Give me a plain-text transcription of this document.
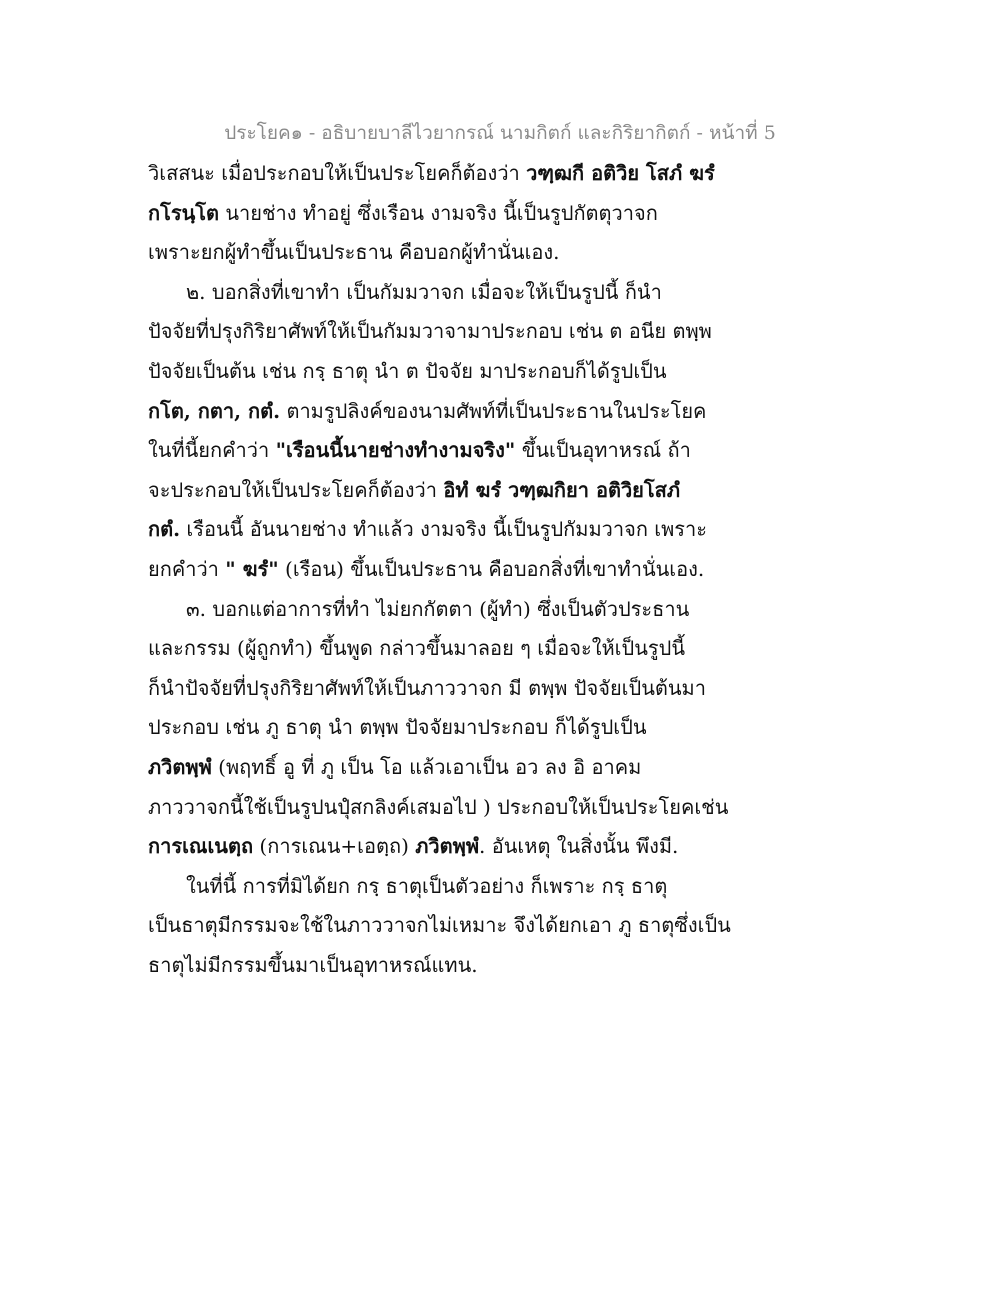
ประโยค๑ - อธิบายบาลีไวยากรณ์ นามกิตก์ และกิริยากิตก์ - หน้าที่ 5
วิเสสนะ เมื่อประกอบให้เป็นประโยคก็ต้องว่า วฑฺฒกี อติวิย โสภํ ฆรํ
กโรนฺโต นายช่าง ทำอยู่ ซึ่งเรือน งามจริง นี้เป็นรูปกัตตุวาจก
เพราะยกผู้ทำขึ้นเป็นประธาน คือบอกผู้ทำนั่นเอง.
๒. บอกสิ่งที่เขาทำ เป็นกัมมวาจก เมื่อจะให้เป็นรูปนี้ ก็นำ
ปัจจัยที่ปรุงกิริยาศัพท์ให้เป็นกัมมวาจามาประกอบ เช่น ต อนีย ตพฺพ
ปัจจัยเป็นต้น เช่น กรฺ ธาตุ นำ ต ปัจจัย มาประกอบก็ได้รูปเป็น
กโต, กตา, กตํ. ตามรูปลิงค์ของนามศัพท์ที่เป็นประธานในประโยค
ในที่นี้ยกคำว่า "เรือนนี้นายช่างทำงามจริง" ขึ้นเป็นอุทาหรณ์ ถ้า
จะประกอบให้เป็นประโยคก็ต้องว่า อิทํ ฆรํ วฑฺฒกิยา อติวิยโสภํ
กตํ. เรือนนี้ อันนายช่าง ทำแล้ว งามจริง นี้เป็นรูปกัมมวาจก เพราะ
ยกคำว่า " ฆรํ" (เรือน) ขึ้นเป็นประธาน คือบอกสิ่งที่เขาทำนั่นเอง.
๓. บอกแต่อาการที่ทำ ไม่ยกกัตตา (ผู้ทำ) ซึ่งเป็นตัวประธาน
และกรรม (ผู้ถูกทำ) ขึ้นพูด กล่าวขึ้นมาลอย ๆ เมื่อจะให้เป็นรูปนี้
ก็นำปัจจัยที่ปรุงกิริยาศัพท์ให้เป็นภาววาจก มี ตพฺพ ปัจจัยเป็นต้นมา
ประกอบ เช่น ภู ธาตุ นำ ตพฺพ ปัจจัยมาประกอบ ก็ได้รูปเป็น
ภวิตพฺพํ (พฤทธิ์ อู ที่ ภู เป็น โอ แล้วเอาเป็น อว ลง อิ อาคม
ภาววาจกนี้ใช้เป็นรูปนปุํสกลิงค์เสมอไป ) ประกอบให้เป็นประโยคเช่น
การเณเนตฺถ (การเณน+เอตฺถ) ภวิตพฺพํ. อันเหตุ ในสิ่งนั้น พึงมี.
ในที่นี้ การที่มิได้ยก กรฺ ธาตุเป็นตัวอย่าง ก็เพราะ กรฺ ธาตุ
เป็นธาตุมีกรรมจะใช้ในภาววาจกไม่เหมาะ จึงได้ยกเอา ภู ธาตุซึ่งเป็น
ธาตุไม่มีกรรมขึ้นมาเป็นอุทาหรณ์แทน.
